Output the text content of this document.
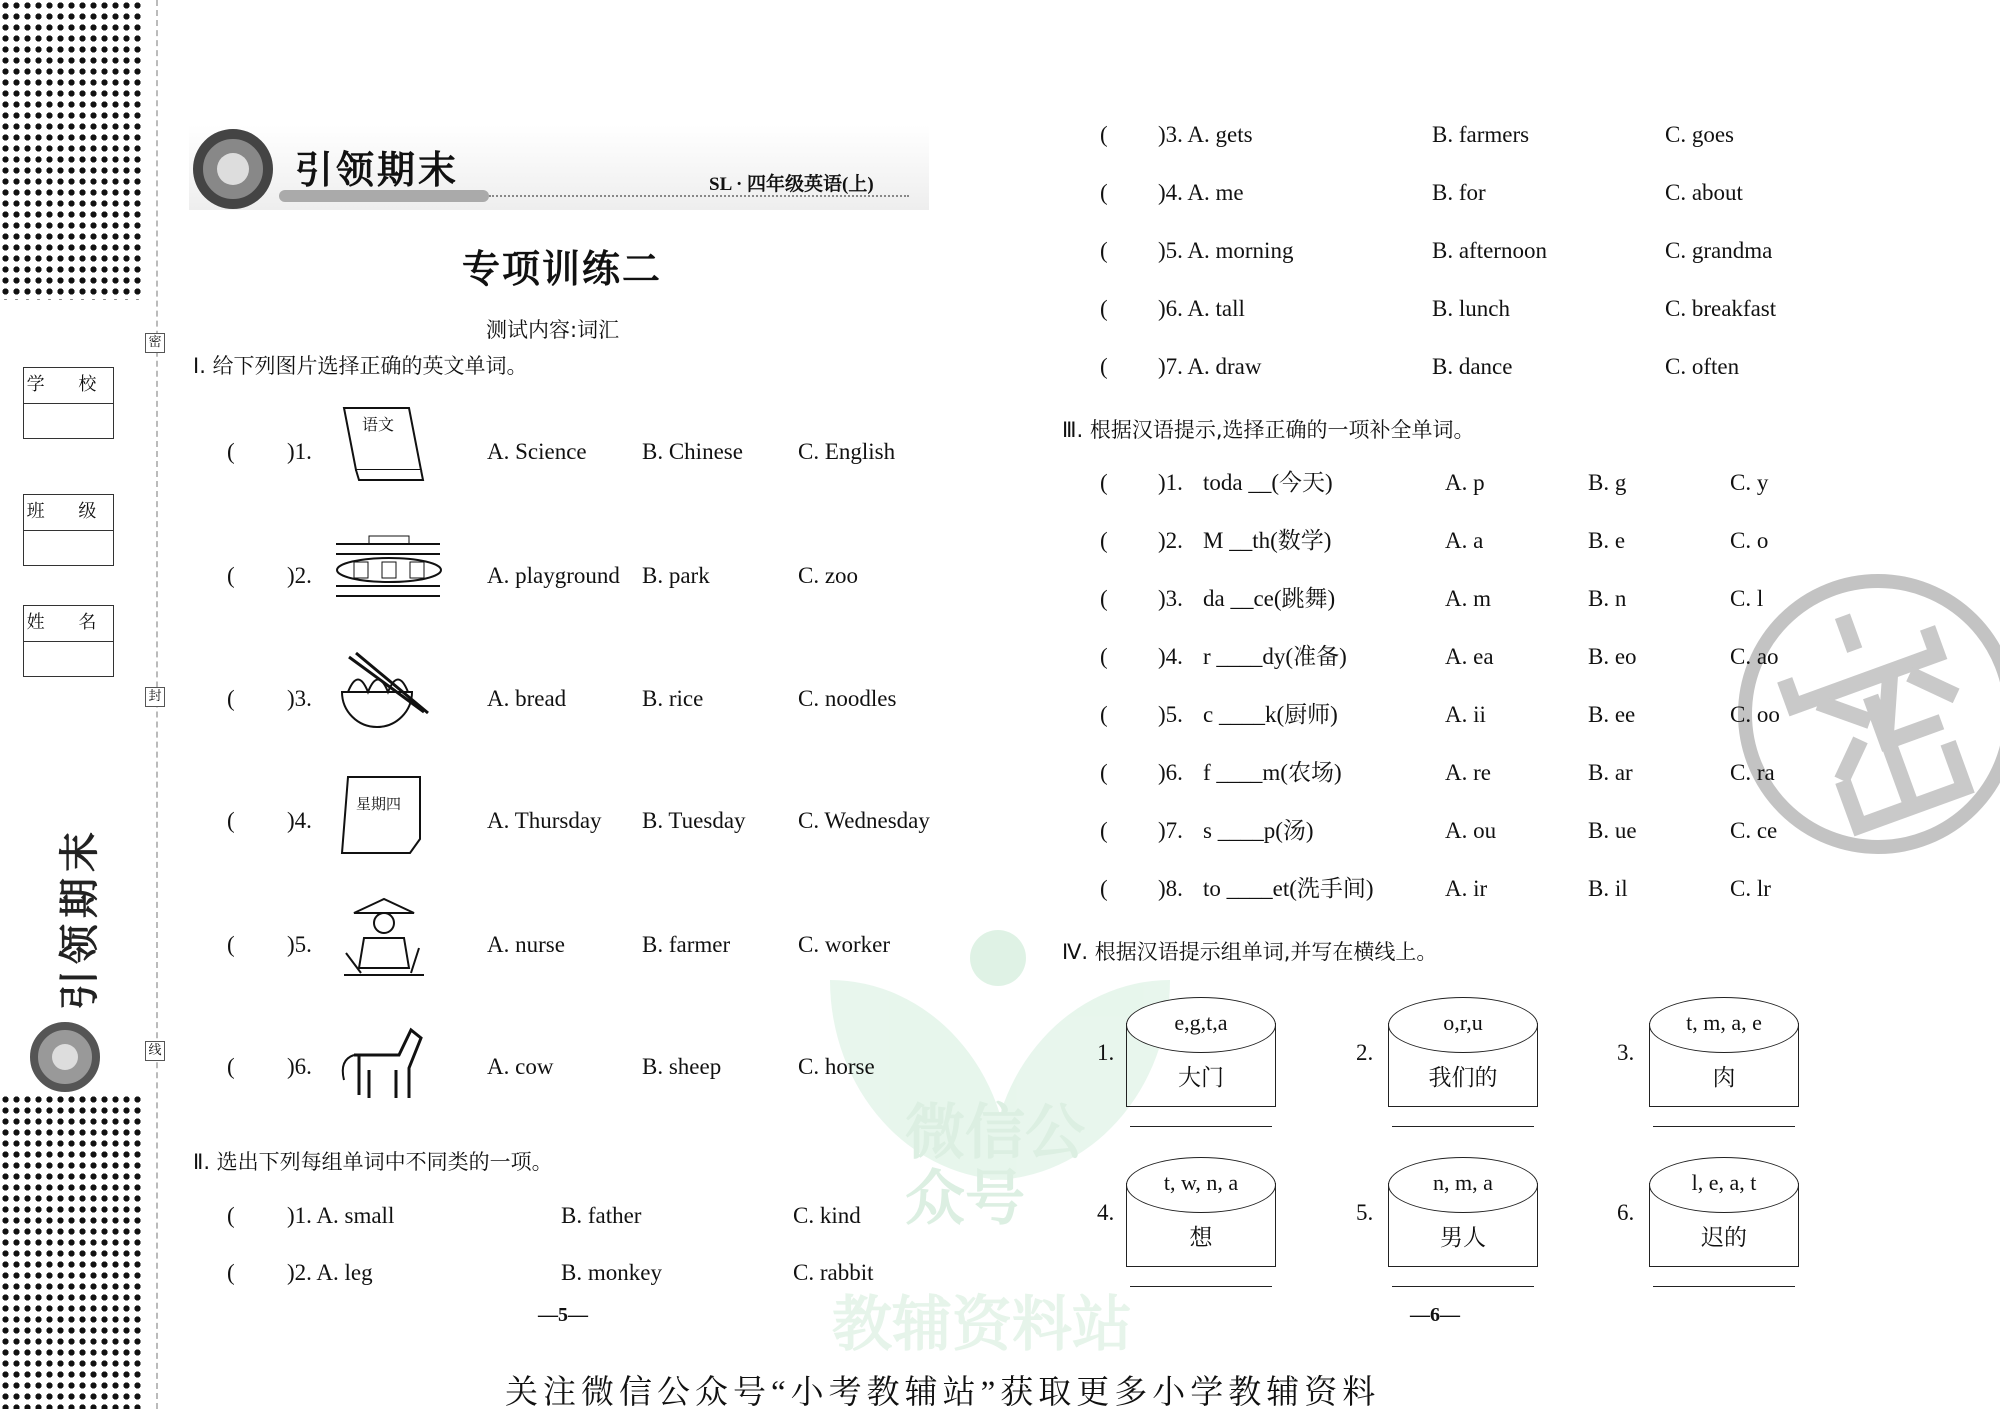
微信公众号
教辅资料站
密
封
线
学 校
班 级
姓 名
引领期末
引领期末	SL · 四年级英语(上)
专项训练二
测试内容:词汇
Ⅰ. 给下列图片选择正确的英文单词。
( )1.
语文
A. Science B. Chinese C. English
( )2.	A. playground B. park	C. zoo
( )3.	A. bread	B. rice	C. noodles
( )4.
星期四
A. Thursday B. Tuesday C. Wednesday
( )5.	A. nurse	B. farmer	C. worker
( )6.	A. cow	B. sheep	C. horse
Ⅱ. 选出下列每组单词中不同类的一项。
( )1. A. small	B. father	C. kind
( )2. A. leg	B. monkey	C. rabbit
( )3. A. gets	B. farmers	C. goes
( )4. A. me	B. for	C. about
( )5. A. morning	B. afternoon	C. grandma
( )6. A. tall	B. lunch	C. breakfast
( )7. A. draw	B. dance	C. often
—5—
Ⅲ. 根据汉语提示,选择正确的一项补全单词。
( )1. toda __(今天)	A. p	B. g	C. y
( )2. M __th(数学)	A. a	B. e	C. o
( )3. da __ce(跳舞)	A. m	B. n	C. l
( )4. r ____dy(准备)	A. ea	B. eo	C. ao
( )5. c ____k(厨师)	A. ii	B. ee	C. oo
( )6. f ____m(农场)	A. re	B. ar	C. ra
( )7. s ____p(汤)	A. ou	B. ue	C. ce
( )8. to ____et(洗手间)	A. ir	B. il	C. lr
Ⅳ. 根据汉语提示组单词,并写在横线上。
1.
e,g,t,a
大门
2.
o,r,u
我们的
3.
t, m, a, e
肉
4.
t, w, n, a
想
5.
n, m, a
男人
6.
l, e, a, t
迟的
—6—
关注微信公众号“小考教辅站”获取更多小学教辅资料
